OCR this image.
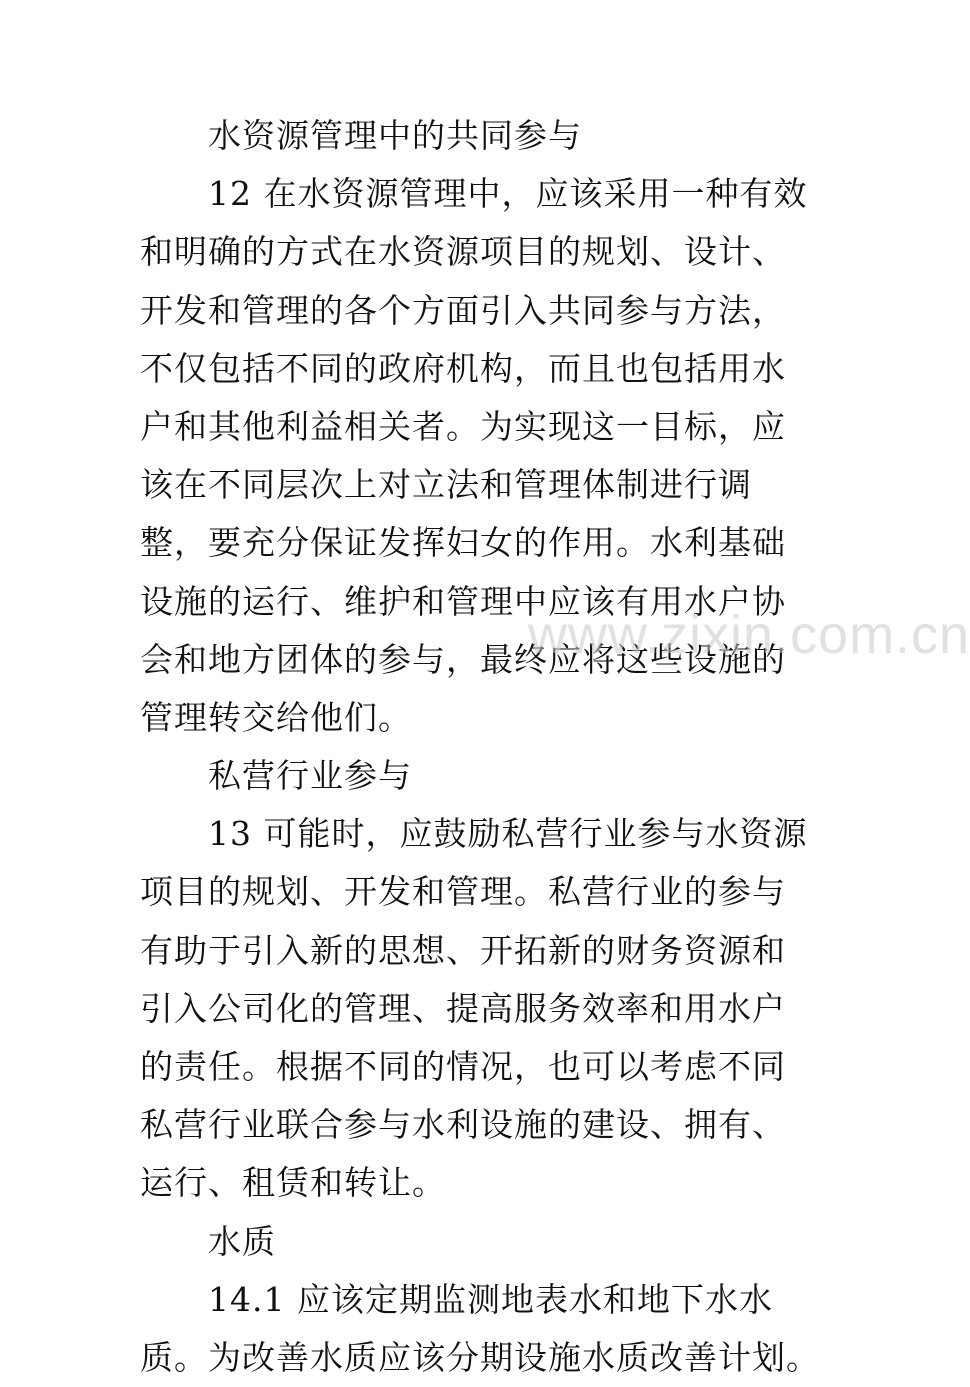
水资源管理中的共同参与
12 在水资源管理中，应该采用一种有效
和明确的方式在水资源项目的规划、设计、
开发和管理的各个方面引入共同参与方法，
不仅包括不同的政府机构，而且也包括用水
户和其他利益相关者。为实现这一目标，应
该在不同层次上对立法和管理体制进行调
整，要充分保证发挥妇女的作用。水利基础
设施的运行、维护和管理中应该有用水户协
会和地方团体的参与，最终应将这些设施的
管理转交给他们。
私营行业参与
13 可能时，应鼓励私营行业参与水资源
项目的规划、开发和管理。私营行业的参与
有助于引入新的思想、开拓新的财务资源和
引入公司化的管理、提高服务效率和用水户
的责任。根据不同的情况，也可以考虑不同
私营行业联合参与水利设施的建设、拥有、
运行、租赁和转让。
水质
14.1 应该定期监测地表水和地下水水
质。为改善水质应该分期设施水质改善计划。
www.zixin.com.cn
